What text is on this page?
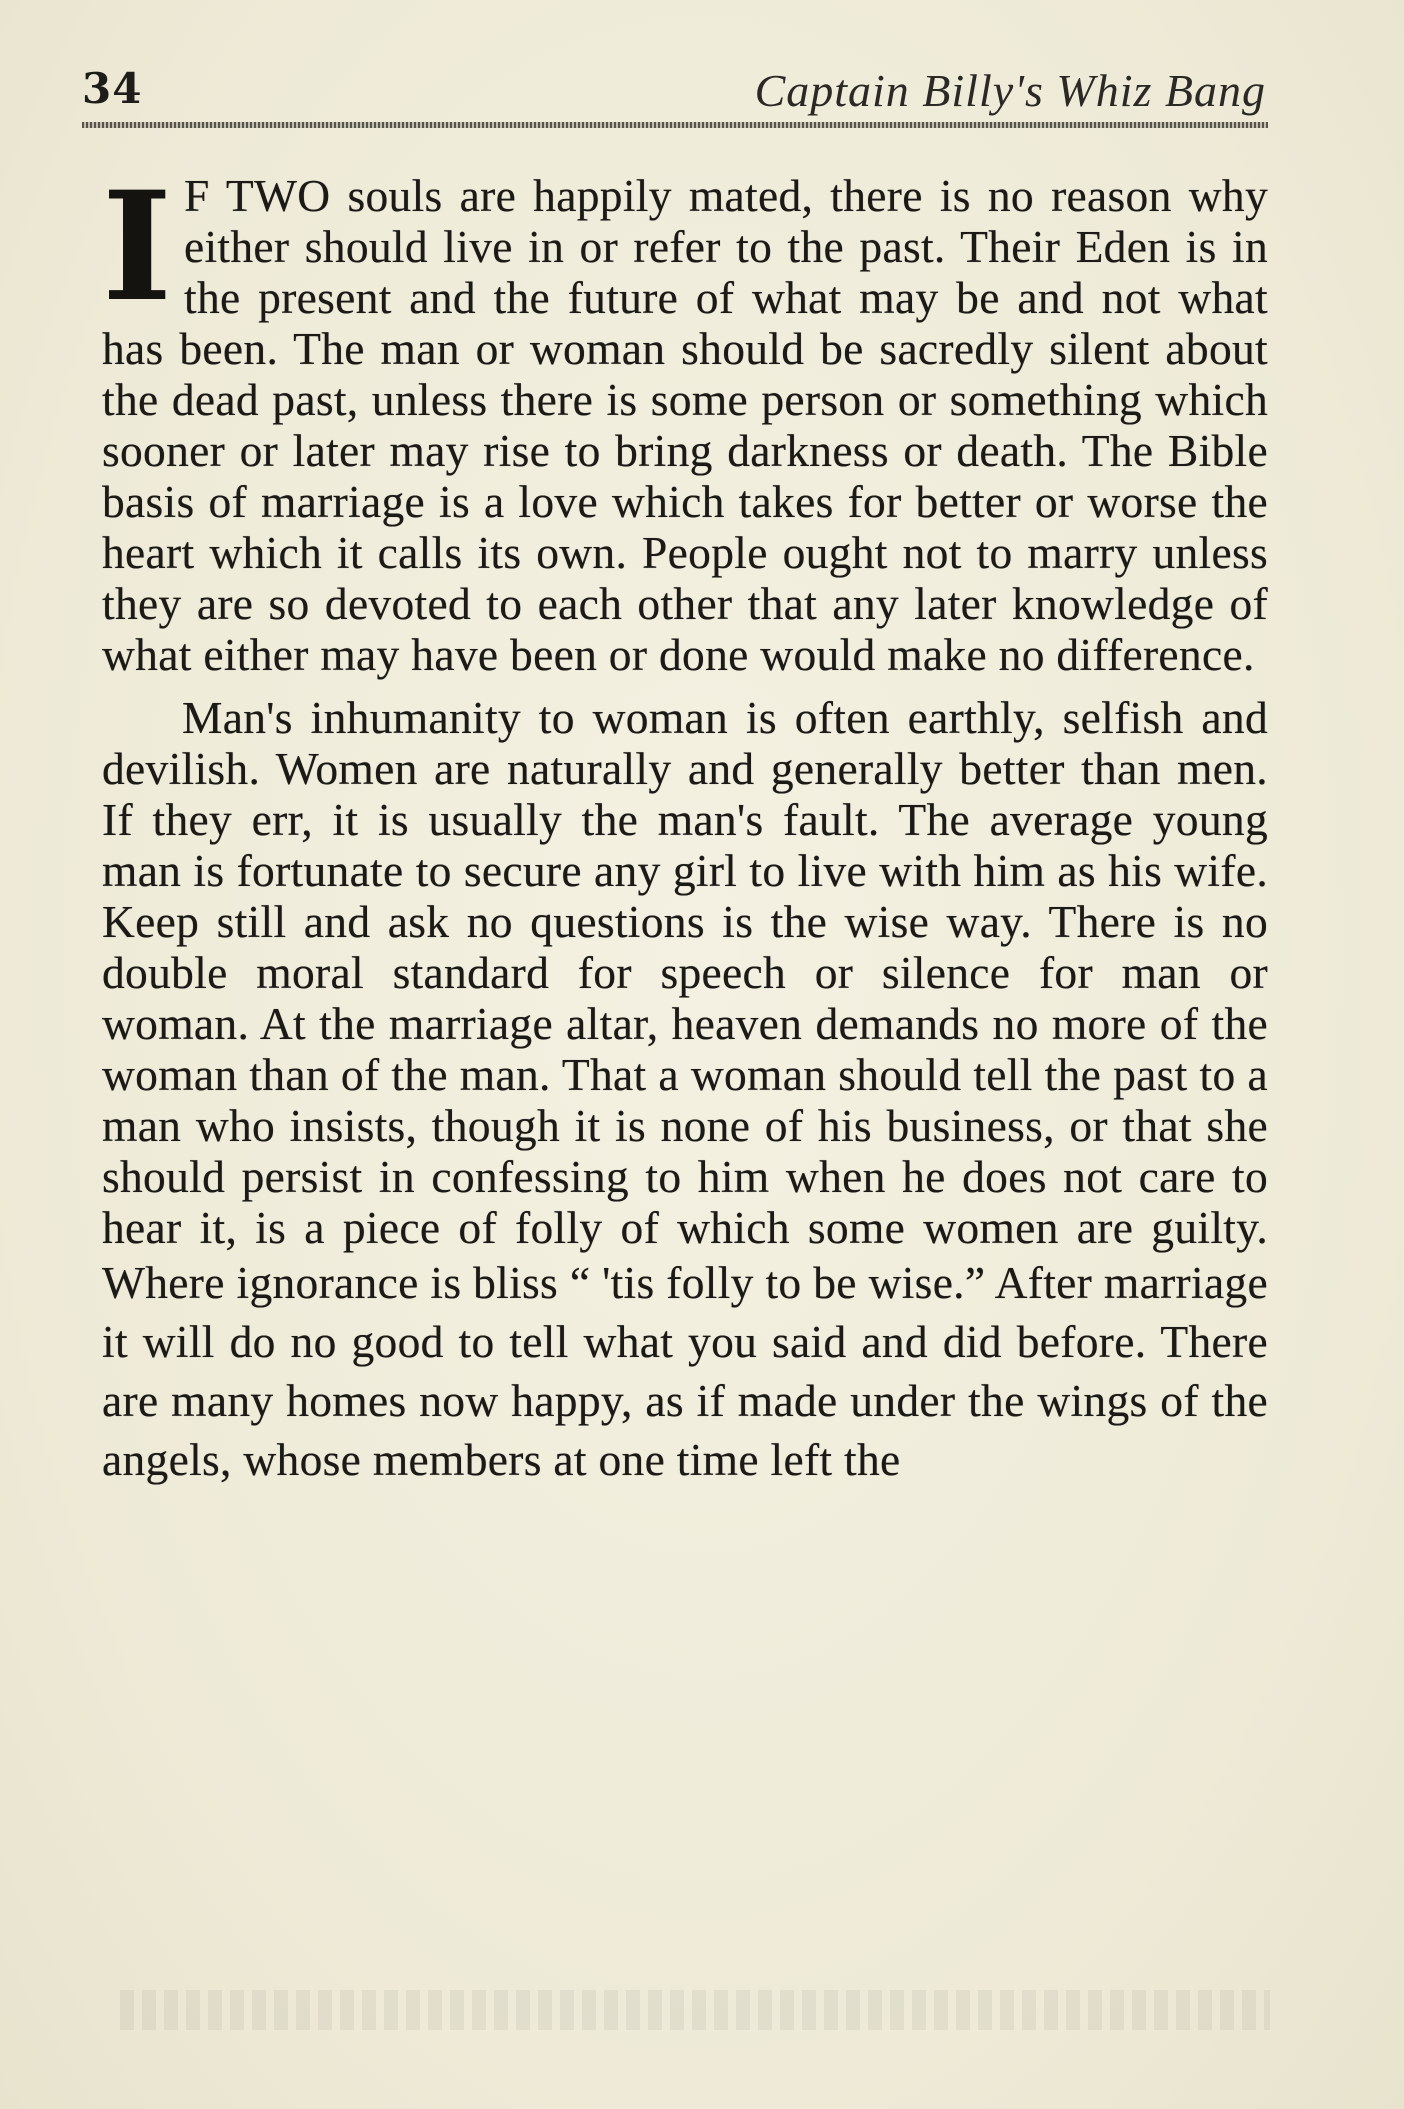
34	Captain Billy's Whiz Bang

I F TWO souls are happily mated, there is no reason why either should live in or refer to the past. Their Eden is in the present and the future of what may be and not what has been. The man or woman should be sacredly silent about the dead past, unless there is some person or something which sooner or later may rise to bring darkness or death. The Bible basis of marriage is a love which takes for better or worse the heart which it calls its own. People ought not to marry unless they are so devoted to each other that any later knowledge of what either may have been or done would make no difference.

Man's inhumanity to woman is often earthly, selfish and devilish. Women are naturally and generally better than men. If they err, it is usually the man's fault. The average young man is fortunate to secure any girl to live with him as his wife. Keep still and ask no questions is the wise way. There is no double moral standard for speech or silence for man or woman. At the marriage altar, heaven demands no more of the woman than of the man. That a woman should tell the past to a man who insists, though it is none of his business, or that she should persist in confessing to him when he does not care to hear it, is a piece of folly of which some women are guilty. Where ignorance is bliss “ 'tis folly to be wise.” After marriage it will do no good to tell what you said and did before. There are many homes now happy, as if made under the wings of the angels, whose members at one time left the
